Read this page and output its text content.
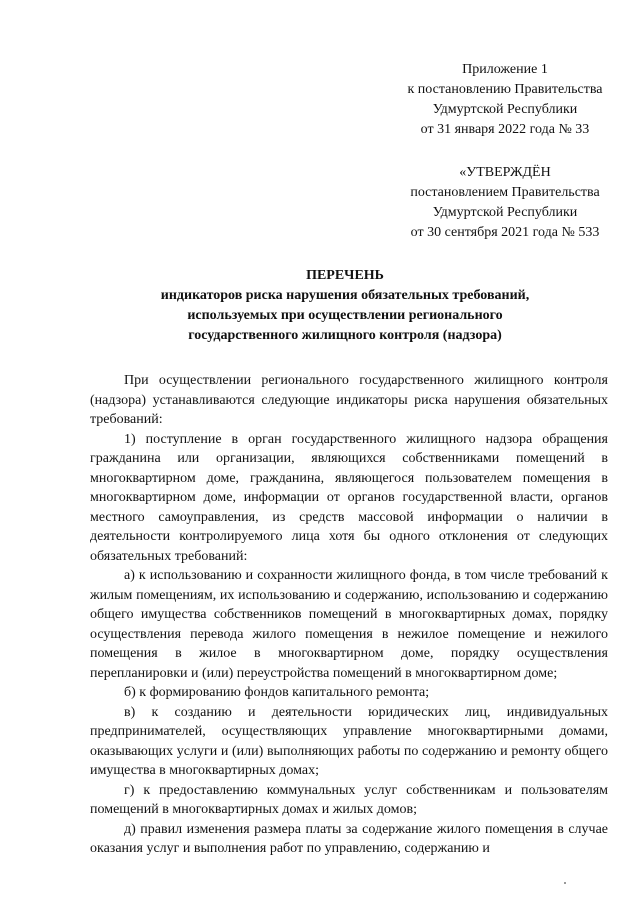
Приложение 1
к постановлению Правительства
Удмуртской Республики
от 31 января 2022 года № 33
«УТВЕРЖДЁН
постановлением Правительства
Удмуртской Республики
от 30 сентября 2021 года № 533
ПЕРЕЧЕНЬ
индикаторов риска нарушения обязательных требований,
используемых при осуществлении регионального
государственного жилищного контроля (надзора)

При осуществлении регионального государственного жилищного контроля (надзора) устанавливаются следующие индикаторы риска нарушения обязательных требований:

1) поступление в орган государственного жилищного надзора обращения гражданина или организации, являющихся собственниками помещений в многоквартирном доме, гражданина, являющегося пользователем помещения в многоквартирном доме, информации от органов государственной власти, органов местного самоуправления, из средств массовой информации о наличии в деятельности контролируемого лица хотя бы одного отклонения от следующих обязательных требований:

а) к использованию и сохранности жилищного фонда, в том числе требований к жилым помещениям, их использованию и содержанию, использованию и содержанию общего имущества собственников помещений в многоквартирных домах, порядку осуществления перевода жилого помещения в нежилое помещение и нежилого помещения в жилое в многоквартирном доме, порядку осуществления перепланировки и (или) переустройства помещений в многоквартирном доме;

б) к формированию фондов капитального ремонта;

в) к созданию и деятельности юридических лиц, индивидуальных предпринимателей, осуществляющих управление многоквартирными домами, оказывающих услуги и (или) выполняющих работы по содержанию и ремонту общего имущества в многоквартирных домах;

г) к предоставлению коммунальных услуг собственникам и пользователям помещений в многоквартирных домах и жилых домов;

д) правил изменения размера платы за содержание жилого помещения в случае оказания услуг и выполнения работ по управлению, содержанию и
